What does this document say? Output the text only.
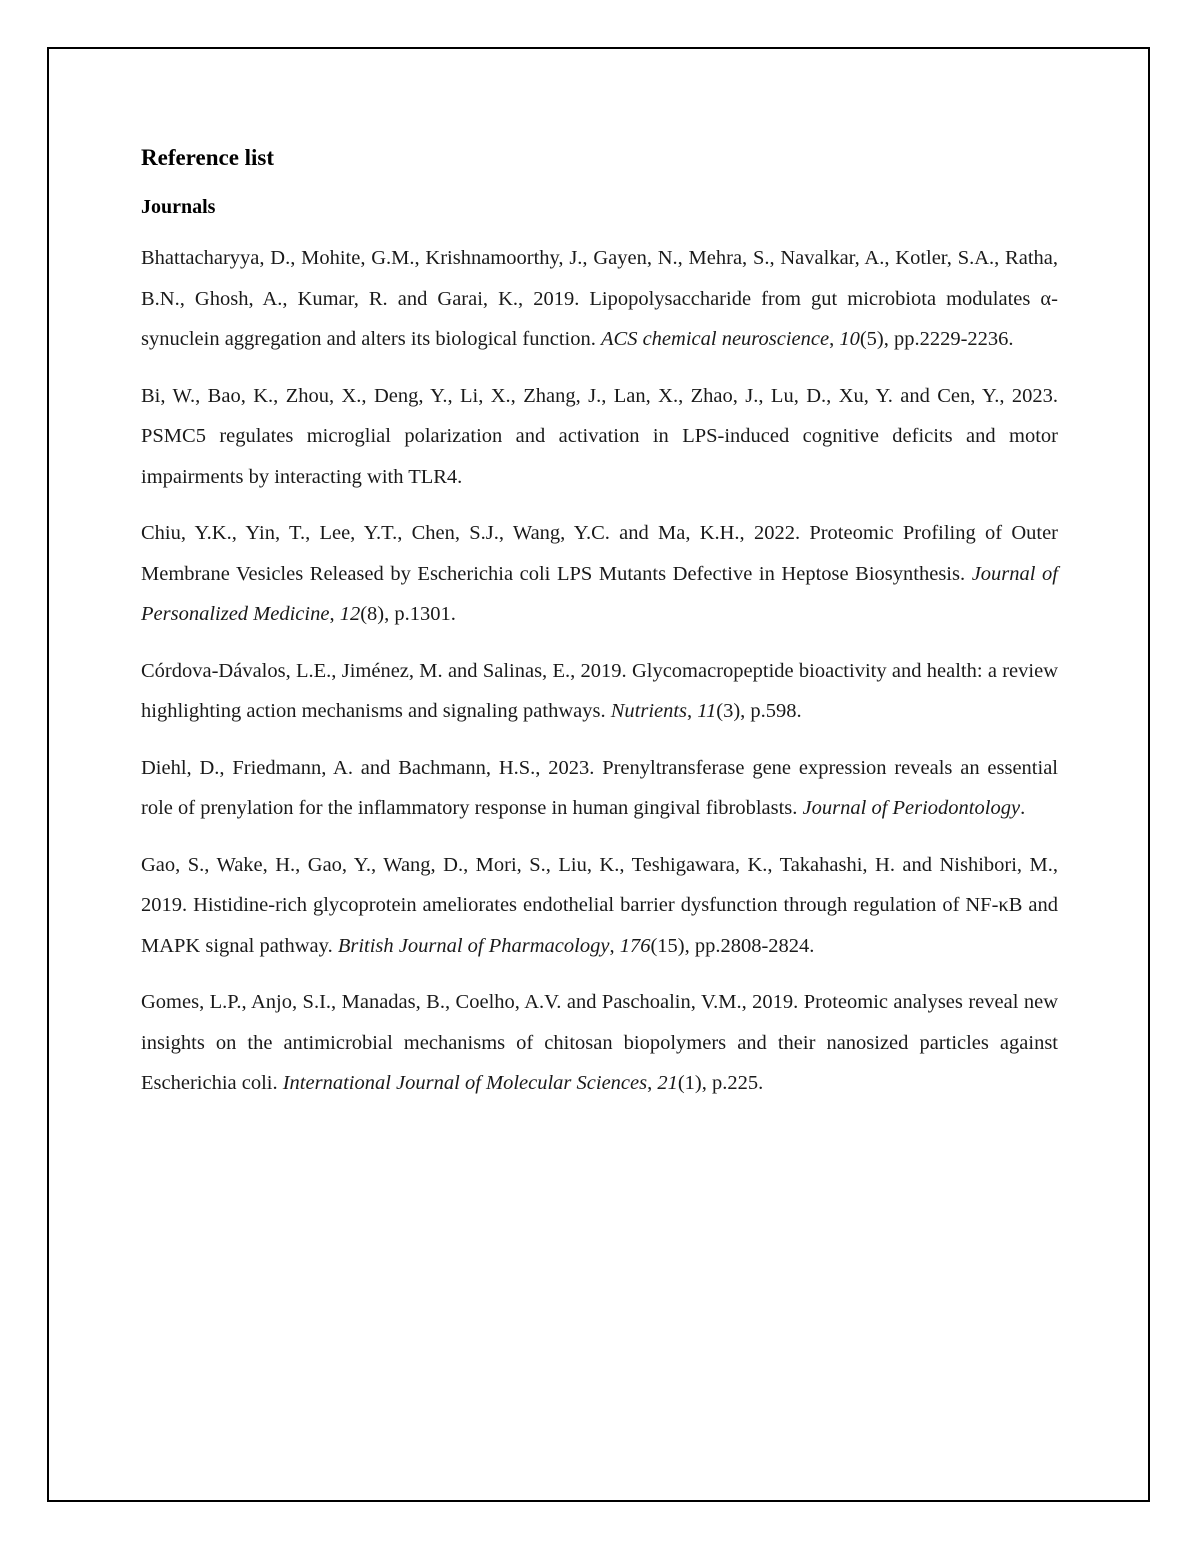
Reference list
Journals

Bhattacharyya, D., Mohite, G.M., Krishnamoorthy, J., Gayen, N., Mehra, S., Navalkar, A., Kotler, S.A., Ratha, B.N., Ghosh, A., Kumar, R. and Garai, K., 2019. Lipopolysaccharide from gut microbiota modulates α-synuclein aggregation and alters its biological function. ACS chemical neuroscience, 10(5), pp.2229-2236.

Bi, W., Bao, K., Zhou, X., Deng, Y., Li, X., Zhang, J., Lan, X., Zhao, J., Lu, D., Xu, Y. and Cen, Y., 2023. PSMC5 regulates microglial polarization and activation in LPS-induced cognitive deficits and motor impairments by interacting with TLR4.

Chiu, Y.K., Yin, T., Lee, Y.T., Chen, S.J., Wang, Y.C. and Ma, K.H., 2022. Proteomic Profiling of Outer Membrane Vesicles Released by Escherichia coli LPS Mutants Defective in Heptose Biosynthesis. Journal of Personalized Medicine, 12(8), p.1301.

Córdova-Dávalos, L.E., Jiménez, M. and Salinas, E., 2019. Glycomacropeptide bioactivity and health: a review highlighting action mechanisms and signaling pathways. Nutrients, 11(3), p.598.

Diehl, D., Friedmann, A. and Bachmann, H.S., 2023. Prenyltransferase gene expression reveals an essential role of prenylation for the inflammatory response in human gingival fibroblasts. Journal of Periodontology.

Gao, S., Wake, H., Gao, Y., Wang, D., Mori, S., Liu, K., Teshigawara, K., Takahashi, H. and Nishibori, M., 2019. Histidine-rich glycoprotein ameliorates endothelial barrier dysfunction through regulation of NF-κB and MAPK signal pathway. British Journal of Pharmacology, 176(15), pp.2808-2824.

Gomes, L.P., Anjo, S.I., Manadas, B., Coelho, A.V. and Paschoalin, V.M., 2019. Proteomic analyses reveal new insights on the antimicrobial mechanisms of chitosan biopolymers and their nanosized particles against Escherichia coli. International Journal of Molecular Sciences, 21(1), p.225.
